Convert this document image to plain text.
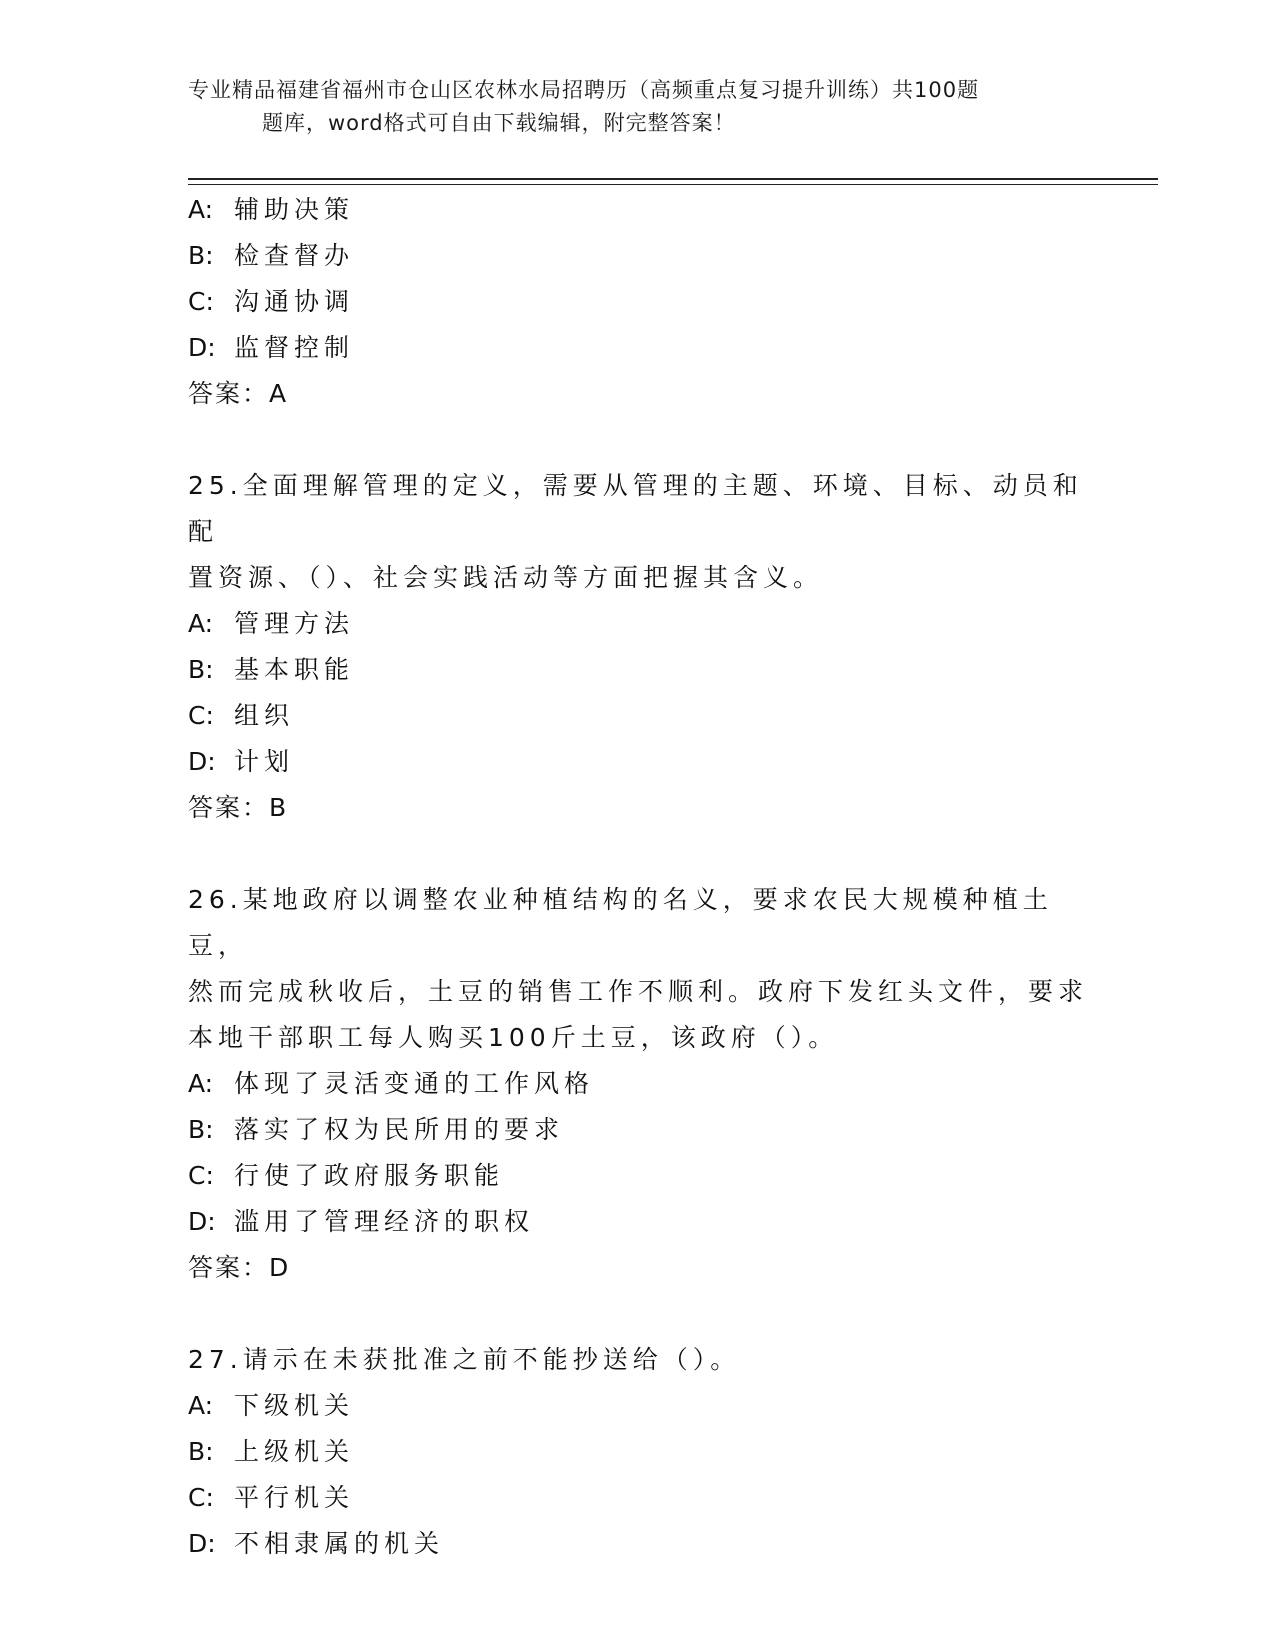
专业精品福建省福州市仓山区农林水局招聘历（高频重点复习提升训练）共100题
题库，word格式可自由下载编辑，附完整答案！
A: 辅助决策
B: 检查督办
C: 沟通协调
D: 监督控制
答案：A
25.全面理解管理的定义，需要从管理的主题、环境、目标、动员和配
置资源、（）、社会实践活动等方面把握其含义。
A: 管理方法
B: 基本职能
C: 组织
D: 计划
答案：B
26.某地政府以调整农业种植结构的名义，要求农民大规模种植土豆，
然而完成秋收后，土豆的销售工作不顺利。政府下发红头文件，要求
本地干部职工每人购买100斤土豆，该政府（）。
A: 体现了灵活变通的工作风格
B: 落实了权为民所用的要求
C: 行使了政府服务职能
D: 滥用了管理经济的职权
答案：D
27.请示在未获批准之前不能抄送给（）。
A: 下级机关
B: 上级机关
C: 平行机关
D: 不相隶属的机关
